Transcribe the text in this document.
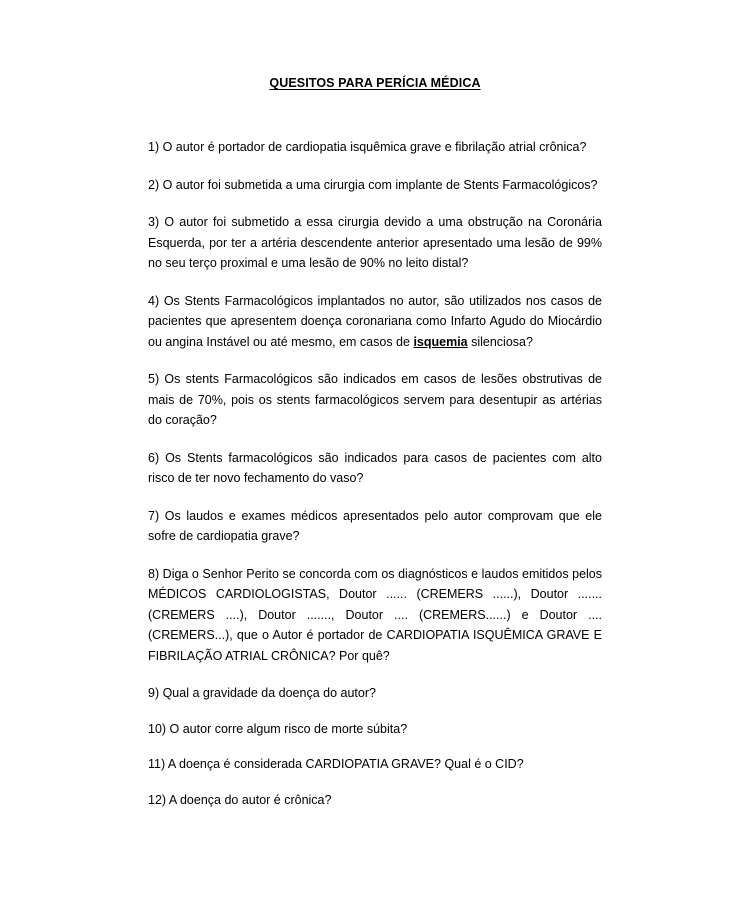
QUESITOS PARA PERÍCIA MÉDICA
1) O autor é portador de cardiopatia isquêmica grave e fibrilação atrial crônica?
2) O autor foi submetida a uma cirurgia com implante de Stents Farmacológicos?
3) O autor foi submetido a essa cirurgia devido a uma obstrução na Coronária Esquerda, por ter a artéria descendente anterior apresentado uma lesão de 99% no seu terço proximal e uma lesão de 90% no leito distal?
4) Os Stents Farmacológicos implantados no autor, são utilizados nos casos de pacientes que apresentem doença coronariana como Infarto Agudo do Miocárdio ou angina Instável ou até mesmo, em casos de isquemia silenciosa?
5) Os stents Farmacológicos são indicados em casos de lesões obstrutivas de mais de 70%, pois os stents farmacológicos servem para desentupir as artérias do coração?
6) Os Stents farmacológicos são indicados para casos de pacientes com alto risco de ter novo fechamento do vaso?
7) Os laudos e exames médicos apresentados pelo autor comprovam que ele sofre de cardiopatia grave?
8) Diga o Senhor Perito se concorda com os diagnósticos e laudos emitidos pelos MÉDICOS CARDIOLOGISTAS, Doutor ...... (CREMERS ......), Doutor ....... (CREMERS ....), Doutor ......., Doutor .... (CREMERS......) e Doutor .... (CREMERS...), que o Autor é portador de CARDIOPATIA ISQUÊMICA GRAVE E FIBRILAÇÃO ATRIAL CRÔNICA? Por quê?
9) Qual a gravidade da doença do autor?
10) O autor corre algum risco de morte súbita?
11) A doença é considerada CARDIOPATIA GRAVE? Qual é o CID?
12) A doença do autor é crônica?
